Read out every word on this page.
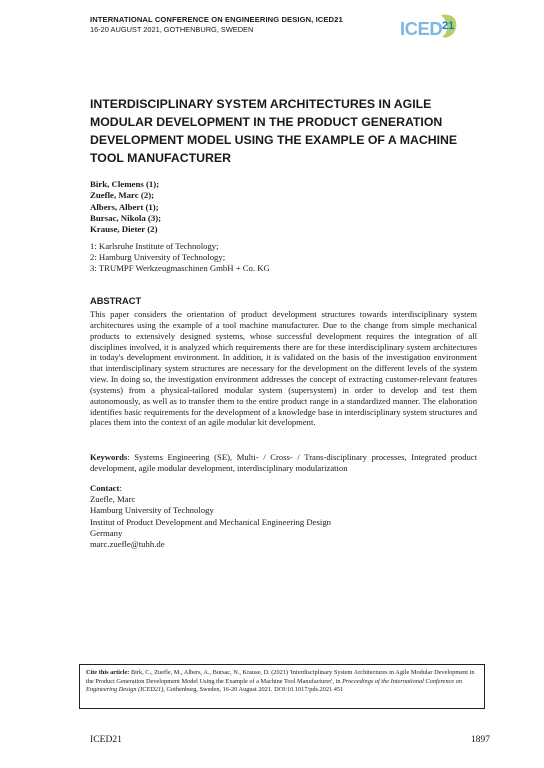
INTERNATIONAL CONFERENCE ON ENGINEERING DESIGN, ICED21
16-20 AUGUST 2021, GOTHENBURG, SWEDEN	ICED 21
INTERDISCIPLINARY SYSTEM ARCHITECTURES IN AGILE MODULAR DEVELOPMENT IN THE PRODUCT GENERATION DEVELOPMENT MODEL USING THE EXAMPLE OF A MACHINE TOOL MANUFACTURER
Birk, Clemens (1);
Zuefle, Marc (2);
Albers, Albert (1);
Bursac, Nikola (3);
Krause, Dieter (2)
1: Karlsruhe Institute of Technology;
2: Hamburg University of Technology;
3: TRUMPF Werkzeugmaschinen GmbH + Co. KG
ABSTRACT

This paper considers the orientation of product development structures towards interdisciplinary system architectures using the example of a tool machine manufacturer. Due to the change from simple mechanical products to extensively designed systems, whose successful development requires the integration of all disciplines involved, it is analyzed which requirements there are for these interdisciplinary system architectures in today's development environment. In addition, it is validated on the basis of the investigation environment that interdisciplinary system structures are necessary for the development on the different levels of the system view. In doing so, the investigation environment addresses the concept of extracting customer-relevant features (systems) from a physical-tailored modular system (supersystem) in order to develop and test them autonomously, as well as to transfer them to the entire product range in a standardized manner. The elaboration identifies basic requirements for the development of a knowledge base in interdisciplinary system structures and places them into the context of an agile modular kit development.

Keywords: Systems Engineering (SE), Multi- / Cross- / Trans-disciplinary processes, Integrated product development, agile modular development, interdisciplinary modularization

Contact:
Zuefle, Marc
Hamburg University of Technology
Institut of Product Development and Mechanical Engineering Design
Germany
marc.zuefle@tuhh.de
Cite this article: Birk, C., Zuefle, M., Albers, A., Bursac, N., Krause, D. (2021) 'Interdisciplinary System Architectures in Agile Modular Development in the Product Generation Development Model Using the Example of a Machine Tool Manufacturer', in Proceedings of the International Conference on Engineering Design (ICED21), Gothenburg, Sweden, 16-20 August 2021. DOI:10.1017/pds.2021.451
ICED21	1897
